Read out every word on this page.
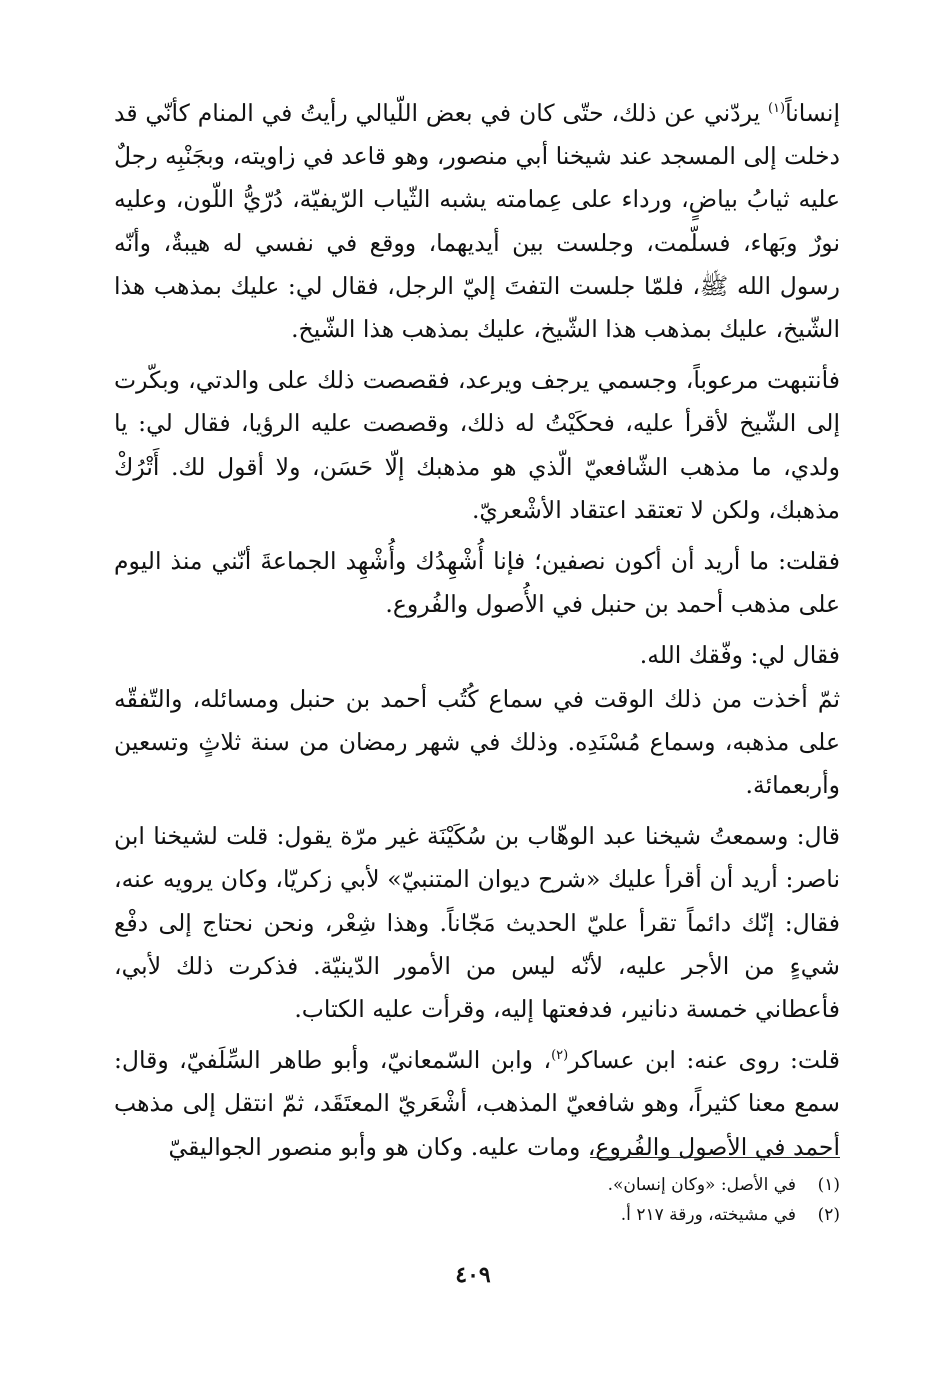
إنساناً$^{(١)}$ يردّني عن ذلك، حتّى كان في بعض اللّيالي رأيتُ في المنام كأنّي قد دخلت إلى المسجد عند شيخنا أبي منصور، وهو قاعد في زاويته، وبجَنْبِه رجلٌ عليه ثيابُ بياضٍ، ورداء على عِمامته يشبه الثّياب الرّيفيّة، دُرّيُّ اللّون، وعليه نورٌ وبَهاء، فسلّمت، وجلست بين أيديهما، ووقع في نفسي له هيبةٌ، وأنّه رسول الله ﷺ، فلمّا جلست التفتَ إليّ الرجل، فقال لي: عليك بمذهب هذا الشّيخ، عليك بمذهب هذا الشّيخ، عليك بمذهب هذا الشّيخ.

فأنتبهت مرعوباً، وجسمي يرجف ويرعد، فقصصت ذلك على والدتي، وبكّرت إلى الشّيخ لأقرأ عليه، فحكَيْتُ له ذلك، وقصصت عليه الرؤيا، فقال لي: يا ولدي، ما مذهب الشّافعيّ الّذي هو مذهبك إلّا حَسَن، ولا أقول لك. أَتْرُكْ مذهبك، ولكن لا تعتقد اعتقاد الأشْعريّ.

فقلت: ما أريد أن أكون نصفين؛ فإنا أُشْهِدُك وأُشْهِد الجماعةَ أنّني منذ اليوم على مذهب أحمد بن حنبل في الأُصول والفُروع.

فقال لي: وفّقك الله.

ثمّ أخذت من ذلك الوقت في سماع كُتُب أحمد بن حنبل ومسائله، والتّفقّه على مذهبه، وسماع مُسْنَدِه. وذلك في شهر رمضان من سنة ثلاثٍ وتسعين وأربعمائة.

قال: وسمعتُ شيخنا عبد الوهّاب بن سُكَيْنَة غير مرّة يقول: قلت لشيخنا ابن ناصر: أريد أن أقرأ عليك «شرح ديوان المتنبيّ» لأبي زكريّا، وكان يرويه عنه، فقال: إنّك دائماً تقرأ عليّ الحديث مَجّاناً. وهذا شِعْر، ونحن نحتاج إلى دفْع شيءٍ من الأجر عليه، لأنّه ليس من الأمور الدّينيّة. فذكرت ذلك لأبي، فأعطاني خمسة دنانير، فدفعتها إليه، وقرأت عليه الكتاب.

قلت: روى عنه: ابن عساكر$^{(٢)}$، وابن السّمعانيّ، وأبو طاهر السِّلَفيّ، وقال: سمع معنا كثيراً، وهو شافعيّ المذهب، أشْعَريّ المعتَقَد، ثمّ انتقل إلى مذهب أحمد في الأصول والفُروع، ومات عليه. وكان هو وأبو منصور الجواليقيّ

(١)
في الأصل: «وكان إنسان».
(٢)
في مشيخته، ورقة ٢١٧ أ.
٤٠٩
